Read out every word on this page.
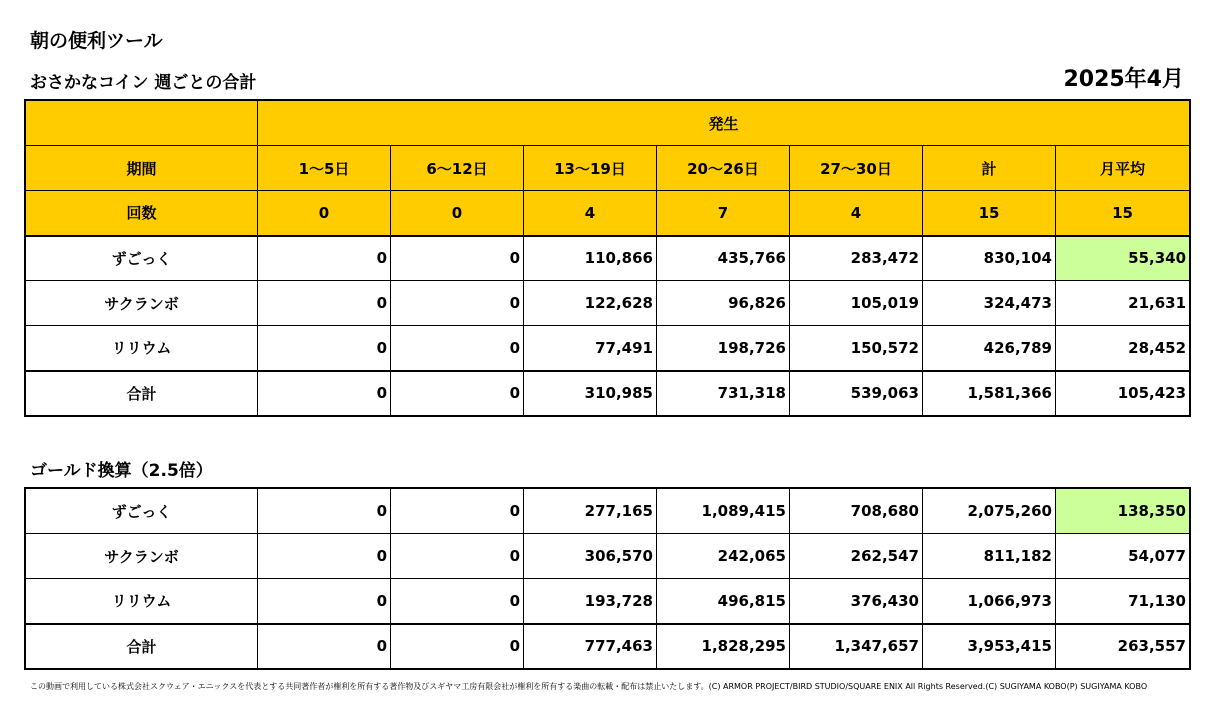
朝の便利ツール
おさかなコイン 週ごとの合計	2025年4月
	発生						
期間	1～5日	6～12日	13～19日	20～26日	27～30日	計	月平均
回数	0	0	4	7	4	15	15
ずごっく	0	0	110,866	435,766	283,472	830,104	55,340
サクランボ	0	0	122,628	96,826	105,019	324,473	21,631
リリウム	0	0	77,491	198,726	150,572	426,789	28,452
合計	0	0	310,985	731,318	539,063	1,581,366	105,423
ゴールド換算（2.5倍）
ずごっく	0	0	277,165	1,089,415	708,680	2,075,260	138,350
サクランボ	0	0	306,570	242,065	262,547	811,182	54,077
リリウム	0	0	193,728	496,815	376,430	1,066,973	71,130
合計	0	0	777,463	1,828,295	1,347,657	3,953,415	263,557
この動画で利用している株式会社スクウェア・エニックスを代表とする共同著作者が権利を所有する著作物及びスギヤマ工房有限会社が権利を所有する楽曲の転載・配布は禁止いたします。(C) ARMOR PROJECT/BIRD STUDIO/SQUARE ENIX All Rights Reserved.(C) SUGIYAMA KOBO(P) SUGIYAMA KOBO
